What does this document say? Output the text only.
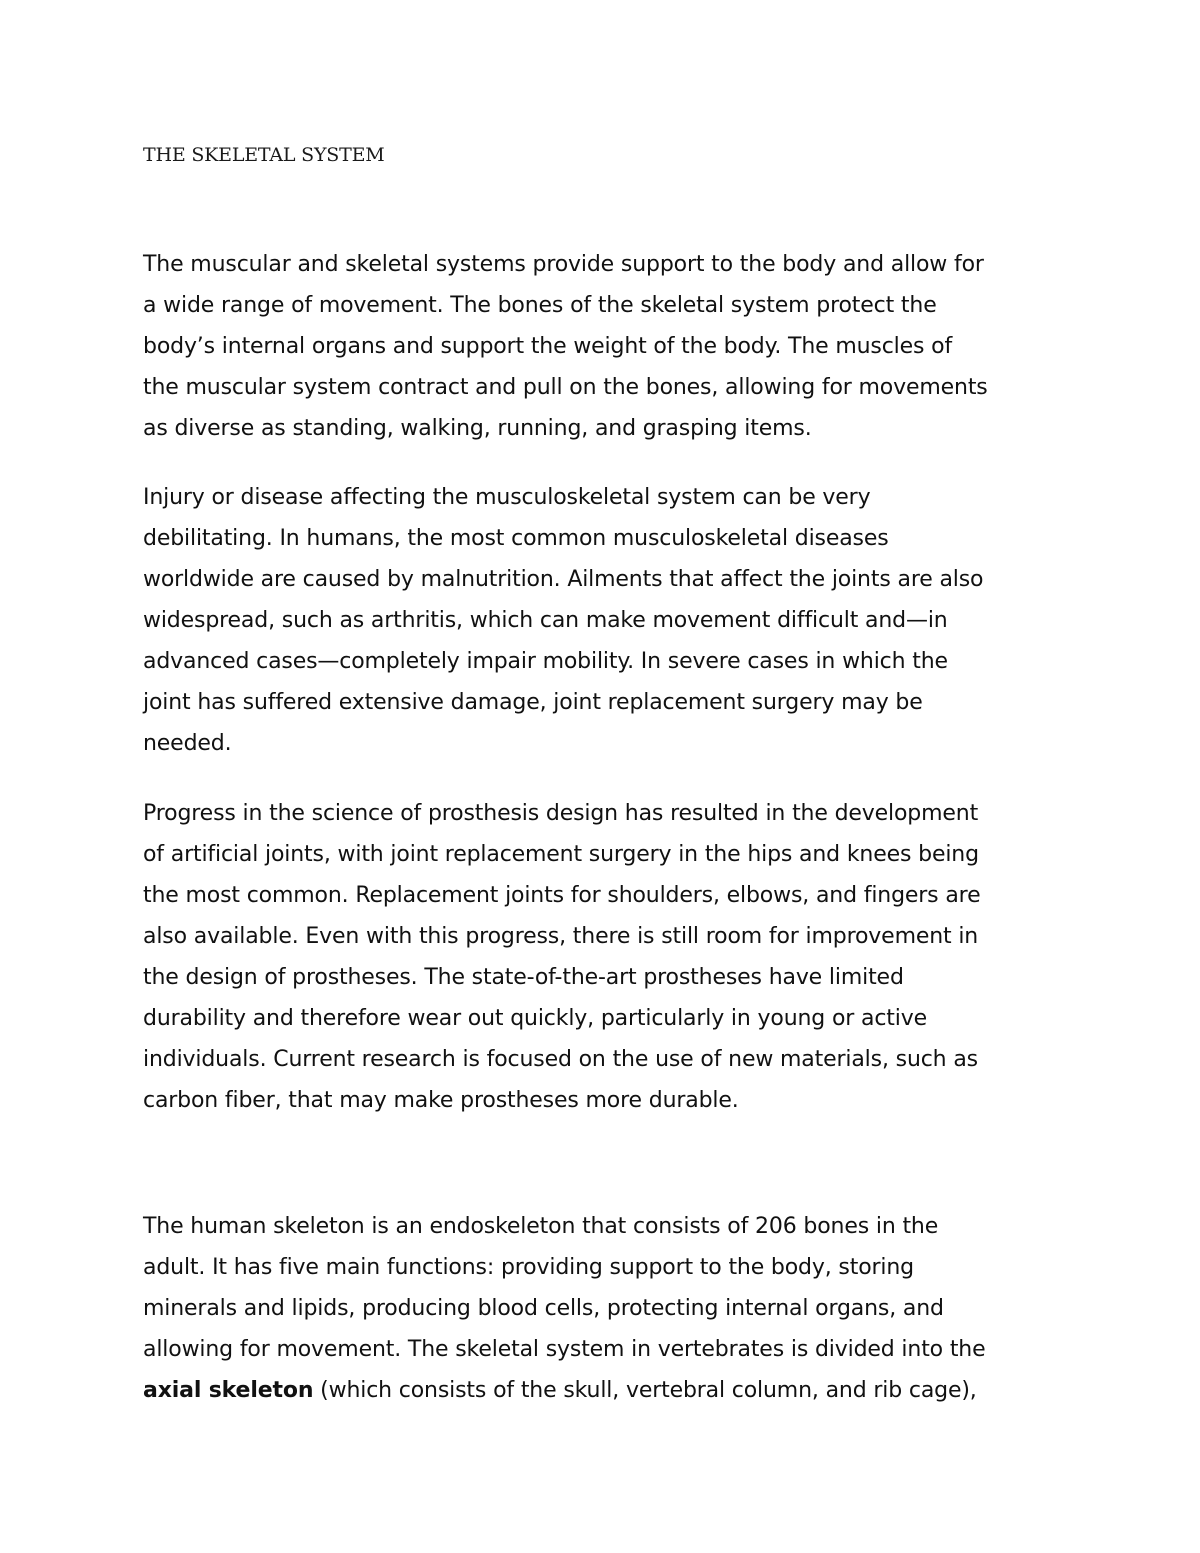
THE SKELETAL SYSTEM

The muscular and skeletal systems provide support to the body and allow for
a wide range of movement. The bones of the skeletal system protect the
body’s internal organs and support the weight of the body. The muscles of
the muscular system contract and pull on the bones, allowing for movements
as diverse as standing, walking, running, and grasping items.

Injury or disease affecting the musculoskeletal system can be very
debilitating. In humans, the most common musculoskeletal diseases
worldwide are caused by malnutrition. Ailments that affect the joints are also
widespread, such as arthritis, which can make movement difficult and—in
advanced cases—completely impair mobility. In severe cases in which the
joint has suffered extensive damage, joint replacement surgery may be
needed.

Progress in the science of prosthesis design has resulted in the development
of artificial joints, with joint replacement surgery in the hips and knees being
the most common. Replacement joints for shoulders, elbows, and fingers are
also available. Even with this progress, there is still room for improvement in
the design of prostheses. The state-of-the-art prostheses have limited
durability and therefore wear out quickly, particularly in young or active
individuals. Current research is focused on the use of new materials, such as
carbon fiber, that may make prostheses more durable.

The human skeleton is an endoskeleton that consists of 206 bones in the
adult. It has five main functions: providing support to the body, storing
minerals and lipids, producing blood cells, protecting internal organs, and
allowing for movement. The skeletal system in vertebrates is divided into the
axial skeleton (which consists of the skull, vertebral column, and rib cage),
